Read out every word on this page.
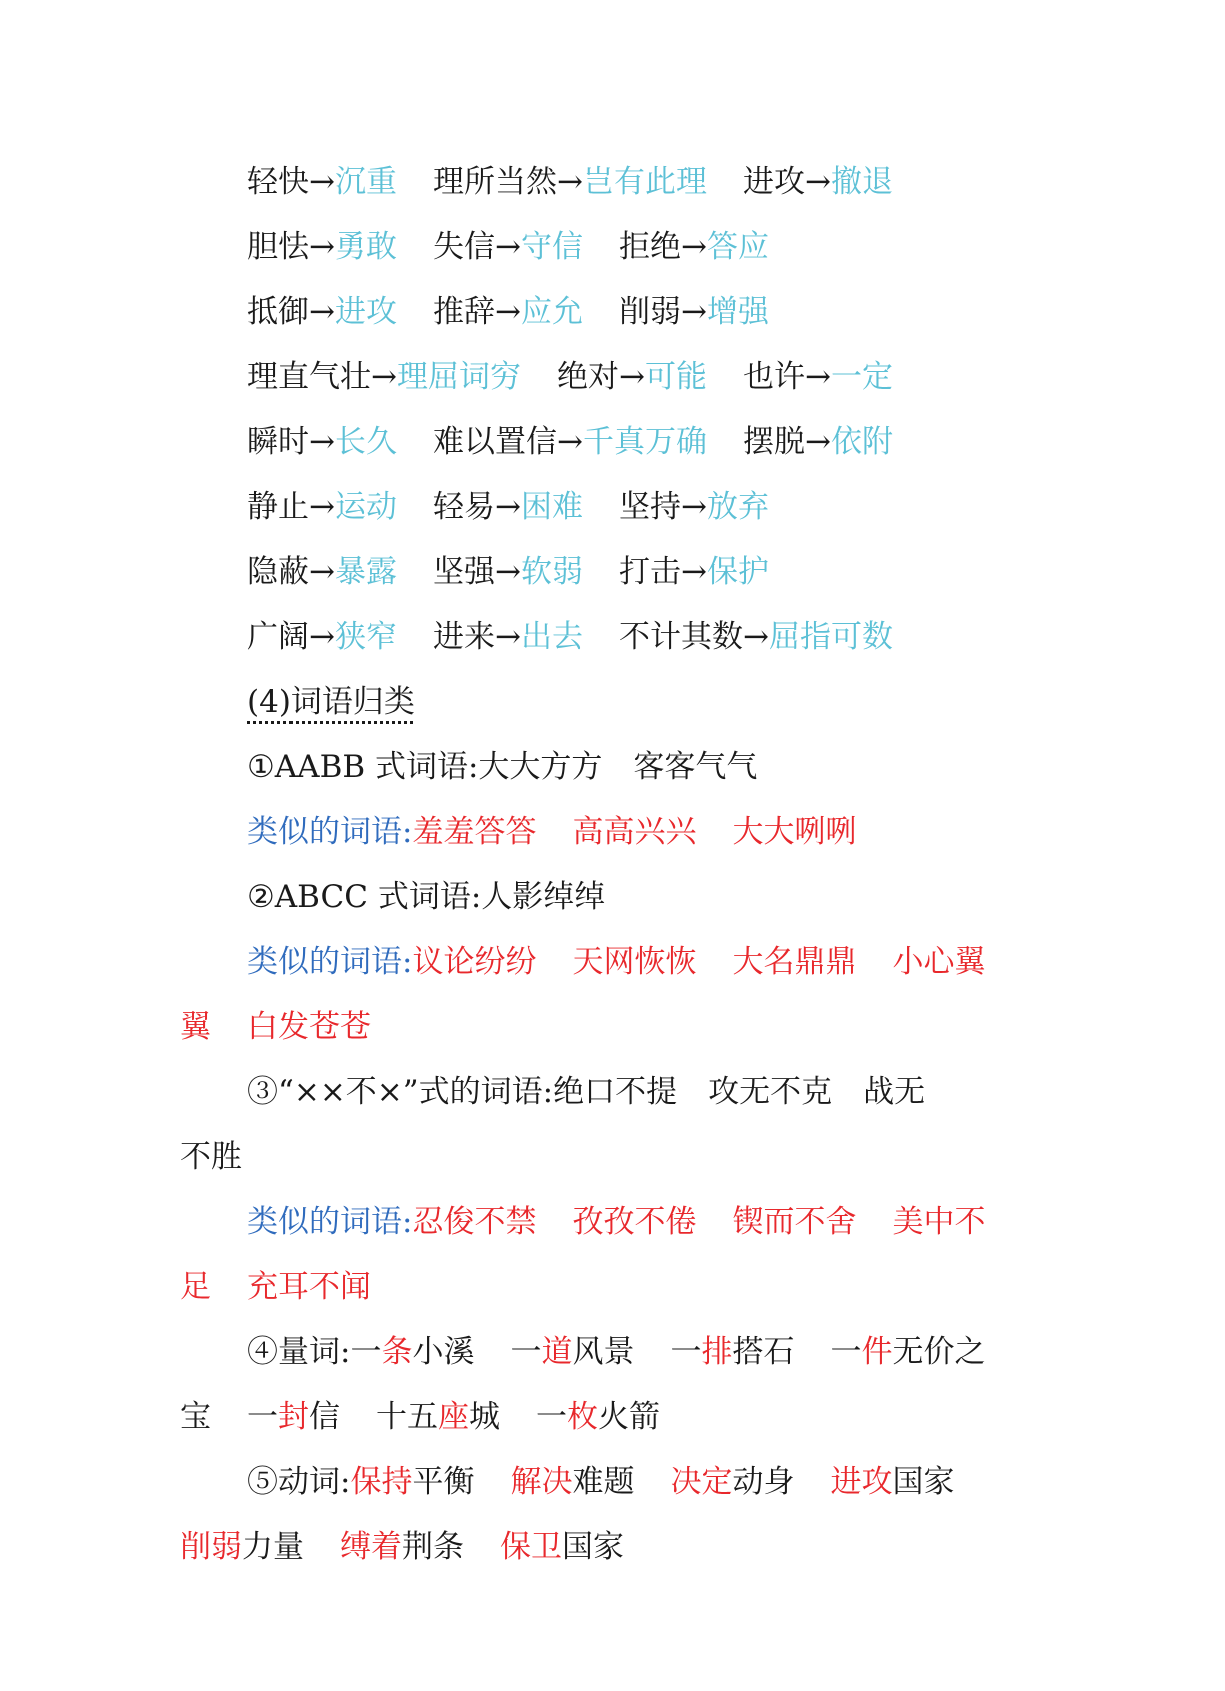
轻快→沉重 理所当然→岂有此理 进攻→撤退
胆怯→勇敢 失信→守信 拒绝→答应
抵御→进攻 推辞→应允 削弱→增强
理直气壮→理屈词穷 绝对→可能 也许→一定
瞬时→长久 难以置信→千真万确 摆脱→依附
静止→运动 轻易→困难 坚持→放弃
隐蔽→暴露 坚强→软弱 打击→保护
广阔→狭窄 进来→出去 不计其数→屈指可数
(4)词语归类
①AABB 式词语:大大方方　客客气气
类似的词语:羞羞答答 高高兴兴 大大咧咧
②ABCC 式词语:人影绰绰
类似的词语:议论纷纷 天网恢恢 大名鼎鼎 小心翼
翼 白发苍苍
③“××不×”式的词语:绝口不提　攻无不克　战无
不胜
类似的词语:忍俊不禁 孜孜不倦 锲而不舍 美中不
足 充耳不闻
④量词:一条小溪 一道风景 一排搭石 一件无价之
宝 一封信 十五座城 一枚火箭
⑤动词:保持平衡 解决难题 决定动身 进攻国家
削弱力量 缚着荆条 保卫国家
